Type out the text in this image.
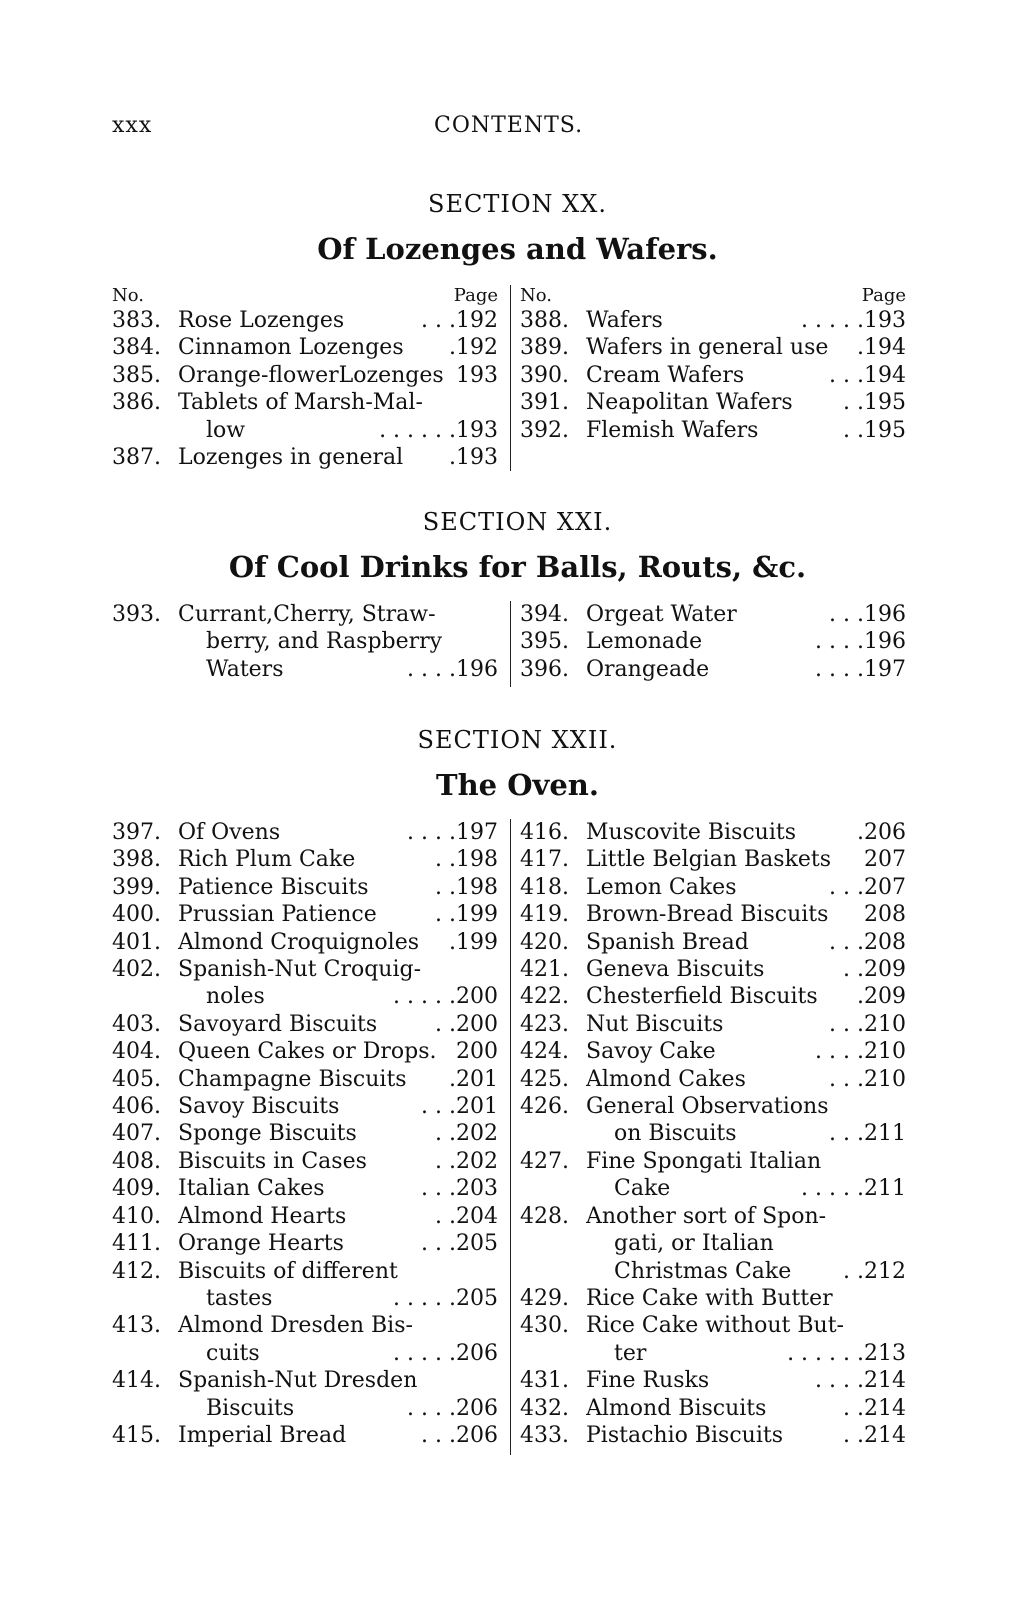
xxx	CONTENTS.
SECTION XX.
Of Lozenges and Wafers.
No.	Page
383. Rose Lozenges	. . . 192
384. Cinnamon Lozenges	. 192
385. Orange-flowerLozenges 193
386. Tablets of Marsh-Mal-
low	. . . . . . 193
387. Lozenges in general	. 193
No.	Page
388. Wafers	. . . . . 193
389. Wafers in general use	. 194
390. Cream Wafers	. . . 194
391. Neapolitan Wafers	. . 195
392. Flemish Wafers	. . 195
SECTION XXI.
Of Cool Drinks for Balls, Routs, &c.
393. Currant,Cherry, Straw-
berry, and Raspberry
Waters	. . . . 196
394. Orgeat Water	. . . 196
395. Lemonade	. . . . 196
396. Orangeade	. . . . 197
SECTION XXII.
The Oven.
397. Of Ovens	. . . . 197
398. Rich Plum Cake	. . 198
399. Patience Biscuits	. . 198
400. Prussian Patience	. . 199
401. Almond Croquignoles	. 199
402. Spanish-Nut Croquig-
noles	. . . . . 200
403. Savoyard Biscuits	. . 200
404. Queen Cakes or Drops. 200
405. Champagne Biscuits	. 201
406. Savoy Biscuits	. . . 201
407. Sponge Biscuits	. . 202
408. Biscuits in Cases	. . 202
409. Italian Cakes	. . . 203
410. Almond Hearts	. . 204
411. Orange Hearts	. . . 205
412. Biscuits of different
tastes	. . . . . 205
413. Almond Dresden Bis-
cuits	. . . . . 206
414. Spanish-Nut Dresden
Biscuits	. . . . 206
415. Imperial Bread	. . . 206
416. Muscovite Biscuits	. 206
417. Little Belgian Baskets	207
418. Lemon Cakes	. . . 207
419. Brown-Bread Biscuits	208
420. Spanish Bread	. . . 208
421. Geneva Biscuits	. . 209
422. Chesterfield Biscuits	. 209
423. Nut Biscuits	. . . 210
424. Savoy Cake	. . . . 210
425. Almond Cakes	. . . 210
426. General Observations
on Biscuits	. . . 211
427. Fine Spongati Italian
Cake	. . . . . 211
428. Another sort of Spon-
gati, or Italian
Christmas Cake	. . 212
429. Rice Cake with Butter
430. Rice Cake without But-
ter	. . . . . . 213
431. Fine Rusks	. . . . 214
432. Almond Biscuits	. . 214
433. Pistachio Biscuits	. . 214
